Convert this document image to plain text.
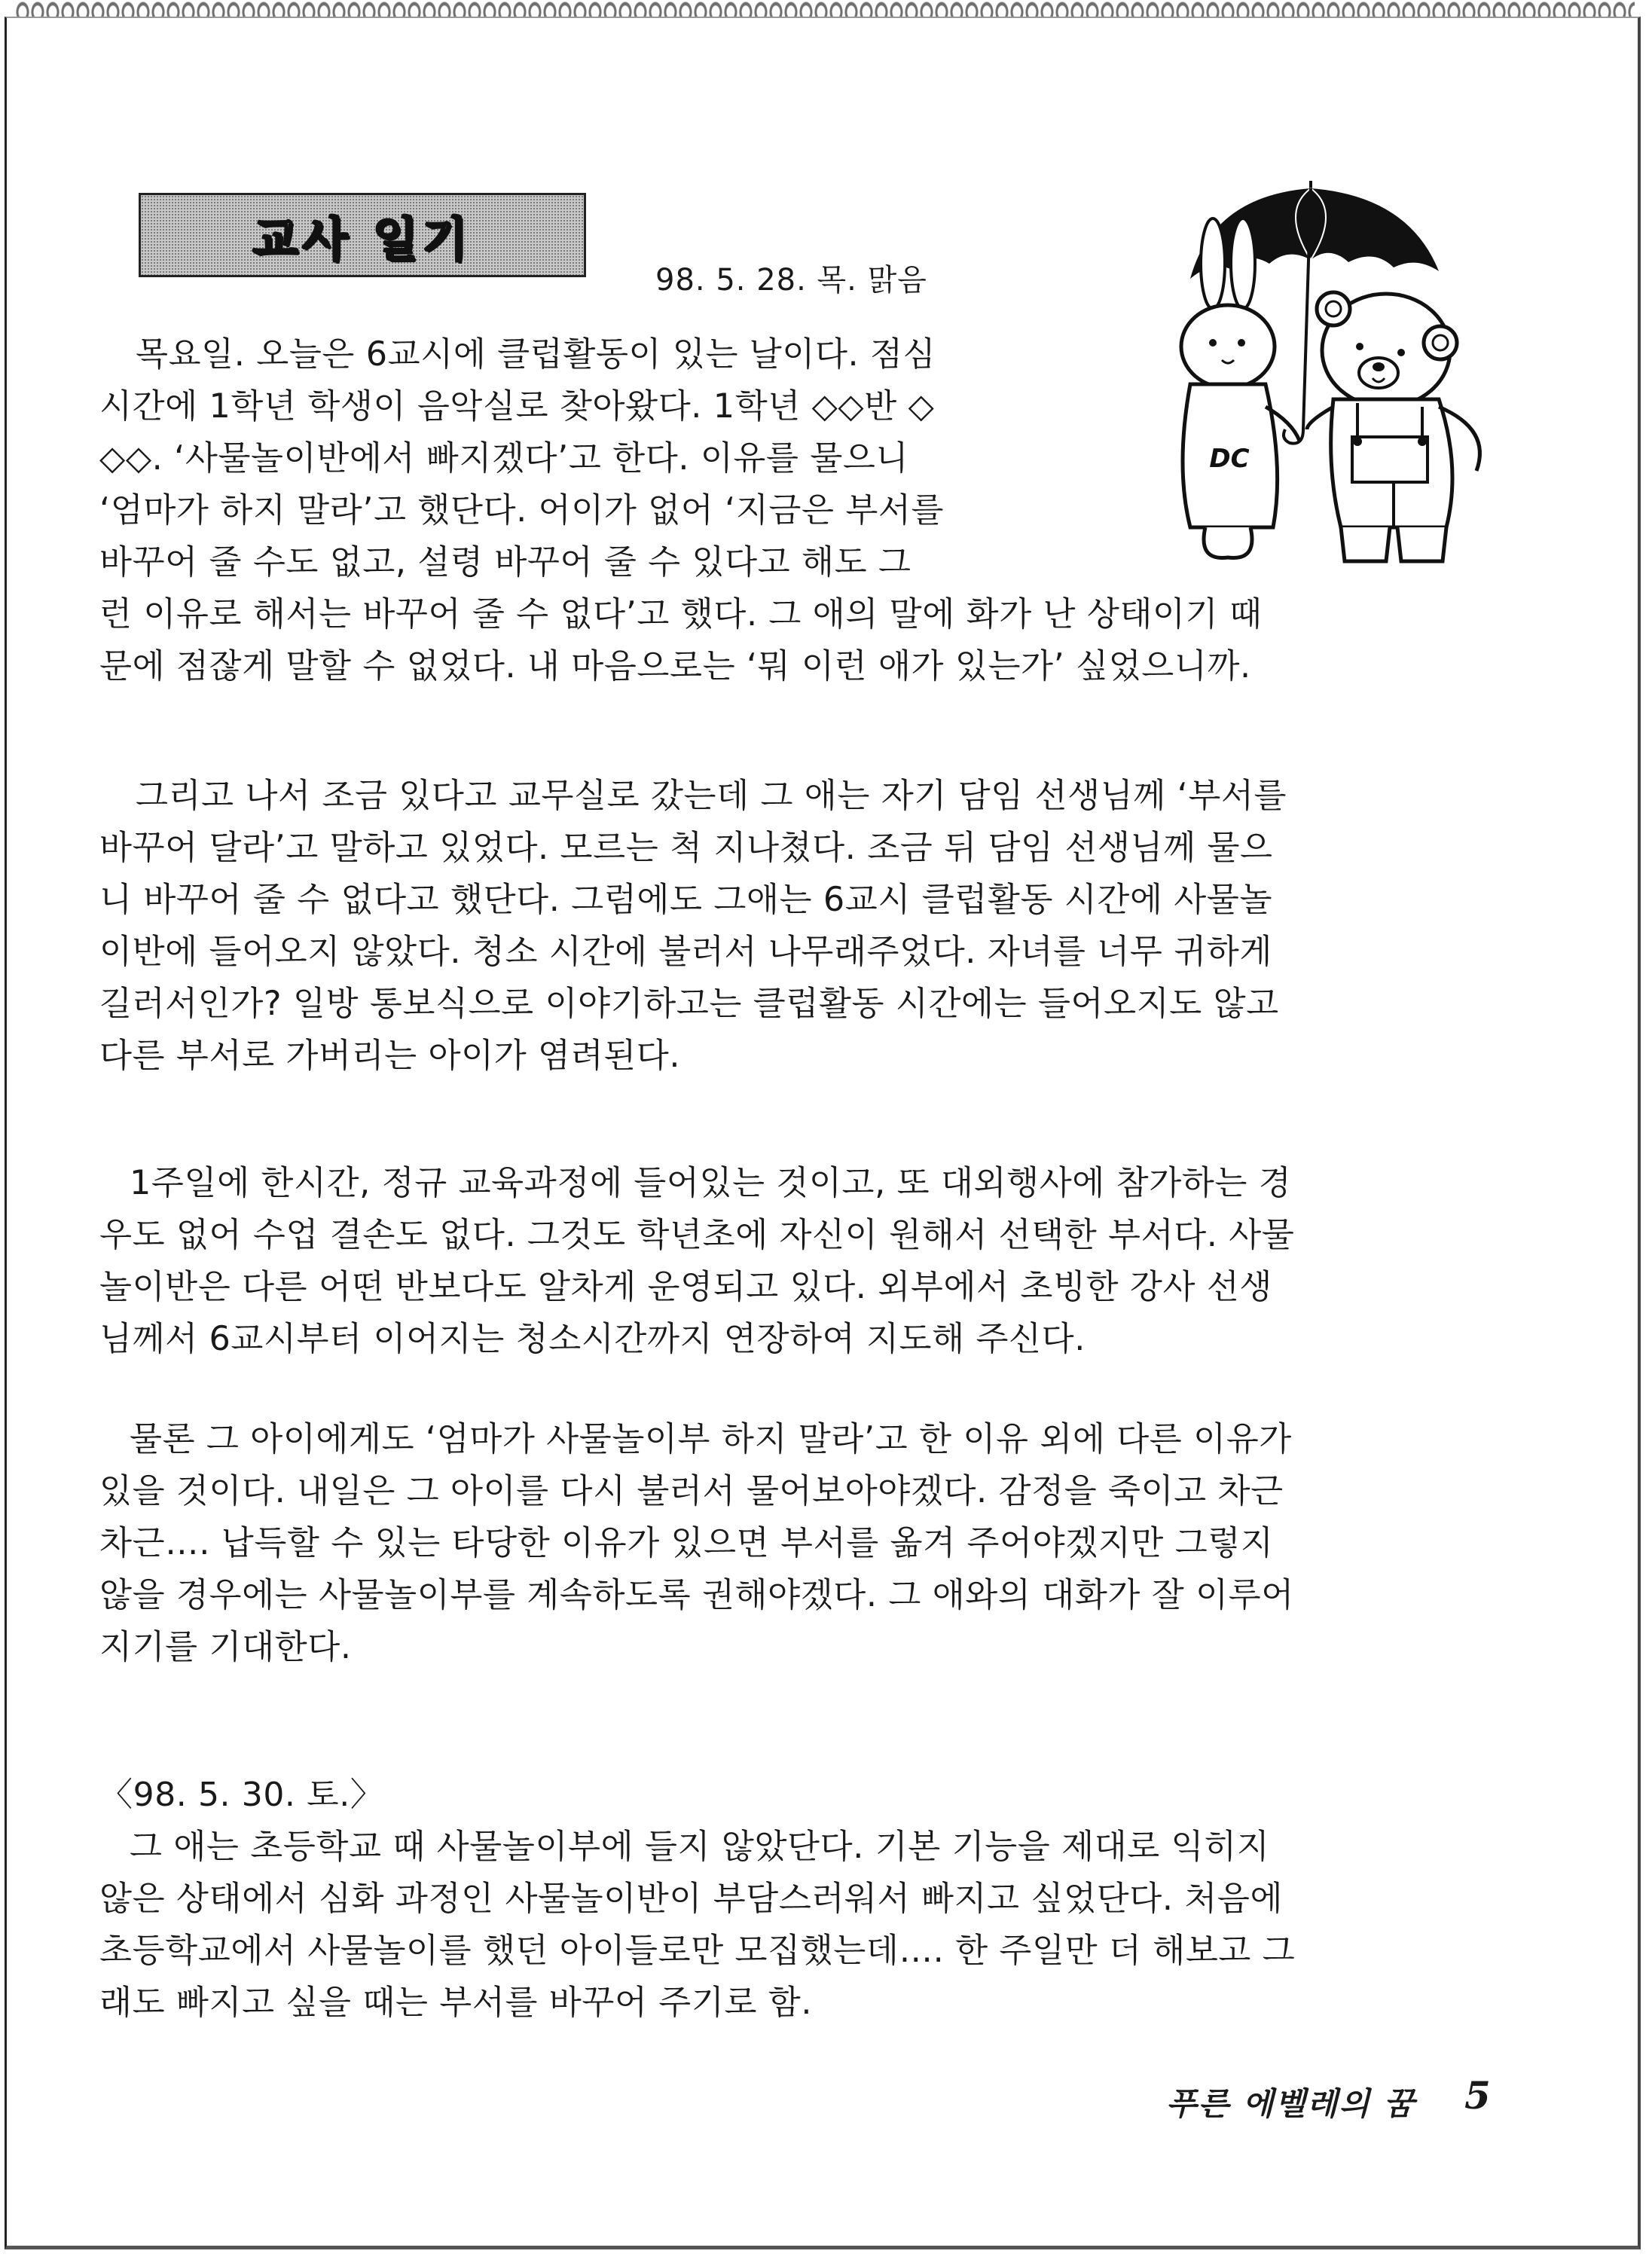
교사 일기
98. 5. 28. 목. 맑음
DC

목요일. 오늘은 6교시에 클럽활동이 있는 날이다. 점심
시간에 1학년 학생이 음악실로 찾아왔다. 1학년 ◇◇반 ◇
◇◇. ‘사물놀이반에서 빠지겠다’고 한다. 이유를 물으니
‘엄마가 하지 말라’고 했단다. 어이가 없어 ‘지금은 부서를
바꾸어 줄 수도 없고, 설령 바꾸어 줄 수 있다고 해도 그
런 이유로 해서는 바꾸어 줄 수 없다’고 했다. 그 애의 말에 화가 난 상태이기 때
문에 점잖게 말할 수 없었다. 내 마음으로는 ‘뭐 이런 애가 있는가’ 싶었으니까.

그리고 나서 조금 있다고 교무실로 갔는데 그 애는 자기 담임 선생님께 ‘부서를
바꾸어 달라’고 말하고 있었다. 모르는 척 지나쳤다. 조금 뒤 담임 선생님께 물으
니 바꾸어 줄 수 없다고 했단다. 그럼에도 그애는 6교시 클럽활동 시간에 사물놀
이반에 들어오지 않았다. 청소 시간에 불러서 나무래주었다. 자녀를 너무 귀하게
길러서인가? 일방 통보식으로 이야기하고는 클럽활동 시간에는 들어오지도 않고
다른 부서로 가버리는 아이가 염려된다.

1주일에 한시간, 정규 교육과정에 들어있는 것이고, 또 대외행사에 참가하는 경
우도 없어 수업 결손도 없다. 그것도 학년초에 자신이 원해서 선택한 부서다. 사물
놀이반은 다른 어떤 반보다도 알차게 운영되고 있다. 외부에서 초빙한 강사 선생
님께서 6교시부터 이어지는 청소시간까지 연장하여 지도해 주신다.

물론 그 아이에게도 ‘엄마가 사물놀이부 하지 말라’고 한 이유 외에 다른 이유가
있을 것이다. 내일은 그 아이를 다시 불러서 물어보아야겠다. 감정을 죽이고 차근
차근…. 납득할 수 있는 타당한 이유가 있으면 부서를 옮겨 주어야겠지만 그렇지
않을 경우에는 사물놀이부를 계속하도록 권해야겠다. 그 애와의 대화가 잘 이루어
지기를 기대한다.

〈98. 5. 30. 토.〉

그 애는 초등학교 때 사물놀이부에 들지 않았단다. 기본 기능을 제대로 익히지
않은 상태에서 심화 과정인 사물놀이반이 부담스러워서 빠지고 싶었단다. 처음에
초등학교에서 사물놀이를 했던 아이들로만 모집했는데…. 한 주일만 더 해보고 그
래도 빠지고 싶을 때는 부서를 바꾸어 주기로 함.

푸른 에벨레의 꿈 5
